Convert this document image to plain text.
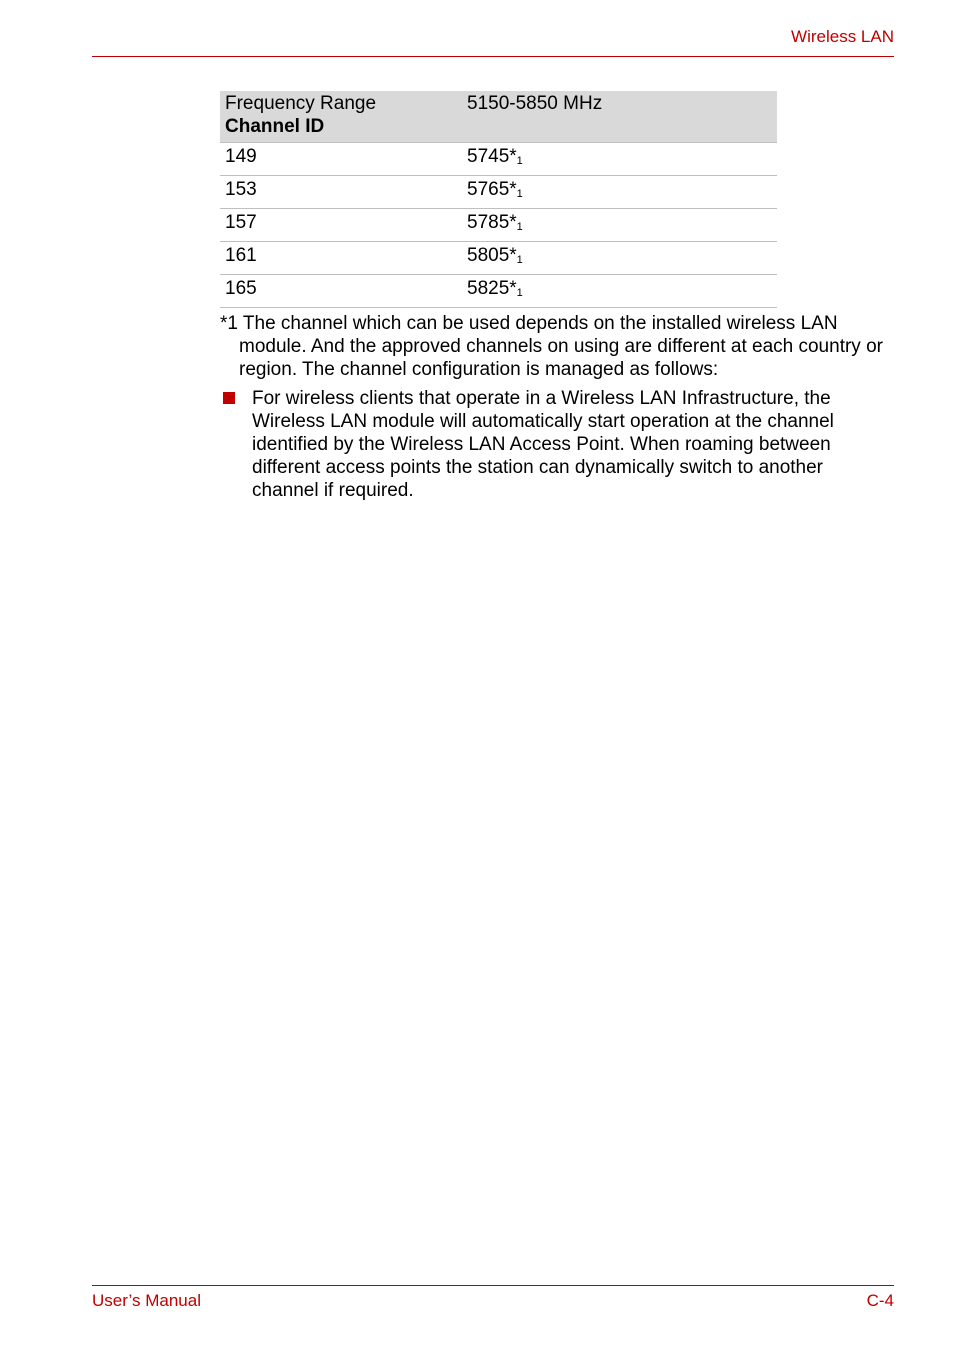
Wireless LAN
Frequency Range
Channel ID	5150-5850 MHz
149	5745*$^1$
153	5765*$^1$
157	5785*$^1$
161	5805*$^1$
165	5825*$^1$
*1 The channel which can be used depends on the installed wireless LAN module. And the approved channels on using are different at each country or region. The channel configuration is managed as follows:
For wireless clients that operate in a Wireless LAN Infrastructure, the Wireless LAN module will automatically start operation at the channel identified by the Wireless LAN Access Point. When roaming between different access points the station can dynamically switch to another channel if required.
User’s Manual	C-4
